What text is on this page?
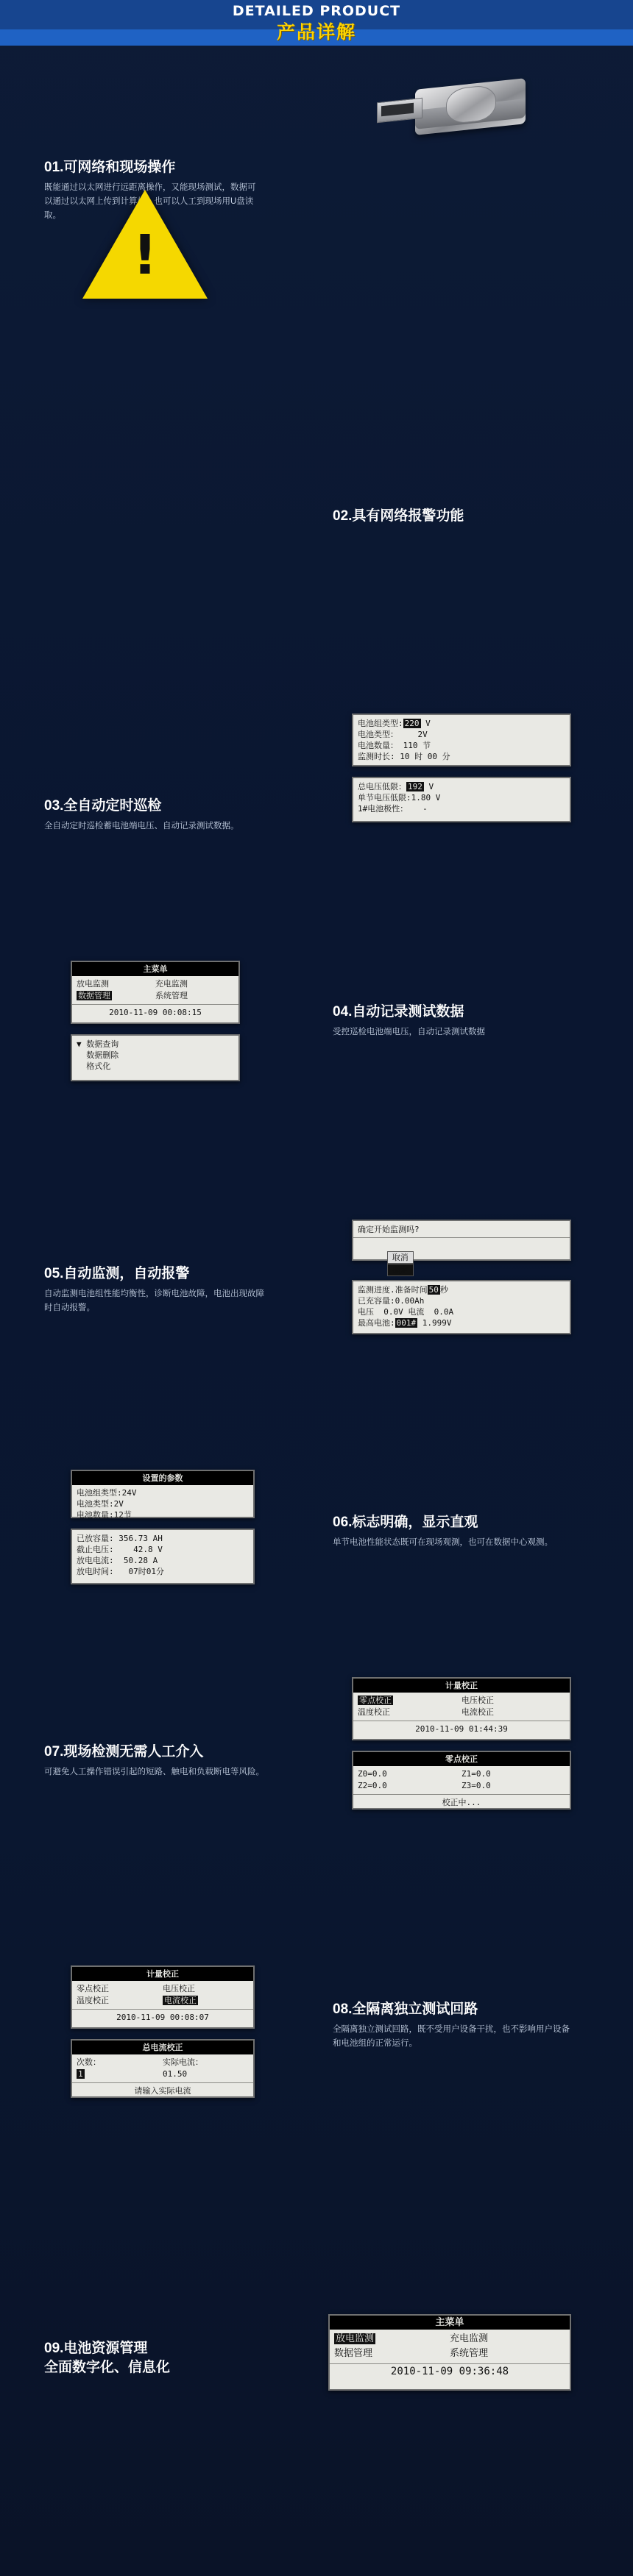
DETAILED PRODUCT
产品详解
01.可网络和现场操作
既能通过以太网进行远距离操作，又能现场测试，数据可以通过以太网上传到计算机，也可以人工到现场用U盘读取。
!
02.具有网络报警功能
03.全自动定时巡检
全自动定时巡检蓄电池端电压、自动记录测试数据。
电池组类型: 220 V
电池类型：    2V
电池数量： 110 节
监测时长: 10 时 00 分
总电压低限： 192 V
单节电压低限:1.80 V
1#电池极性：   -
主菜单
放电监测	充电监测
数据管理	系统管理
2010-11-09 00:08:15
▼ 数据查询
数据删除
格式化
04.自动记录测试数据
受控巡检电池端电压，自动记录测试数据
05.自动监测，自动报警
自动监测电池组性能均衡性，诊断电池故障，电池出现故障时自动报警。
确定开始监测吗?

取消
确定

监测进度.准备时间 50 秒
已充容量:0.00Ah
电压  0.0V 电流  0.0A
最高电池: 001# 1.999V
设置的参数
电池组类型:24V
电池类型:2V
电池数量:12节
已放容量: 356.73 AH
截止电压:    42.8 V
放电电流:  50.28 A
放电时间:   07时01分
06.标志明确，显示直观
单节电池性能状态既可在现场观测，也可在数据中心观测。
07.现场检测无需人工介入
可避免人工操作错误引起的短路、触电和负载断电等风险。
计量校正
零点校正	电压校正
温度校正	电流校正
2010-11-09 01:44:39
零点校正
Z0=0.0	Z1=0.0
Z2=0.0	Z3=0.0
校正中...
计量校正
零点校正	电压校正
温度校正	电流校正
2010-11-09 00:08:07
总电流校正
次数：	实际电流：
1	01.50
请输入实际电流
08.全隔离独立测试回路
全隔离独立测试回路，既不受用户设备干扰，也不影响用户设备和电池组的正常运行。
09.电池资源管理
全面数字化、信息化
主菜单
放电监测	充电监测
数据管理	系统管理
2010-11-09 09:36:48
